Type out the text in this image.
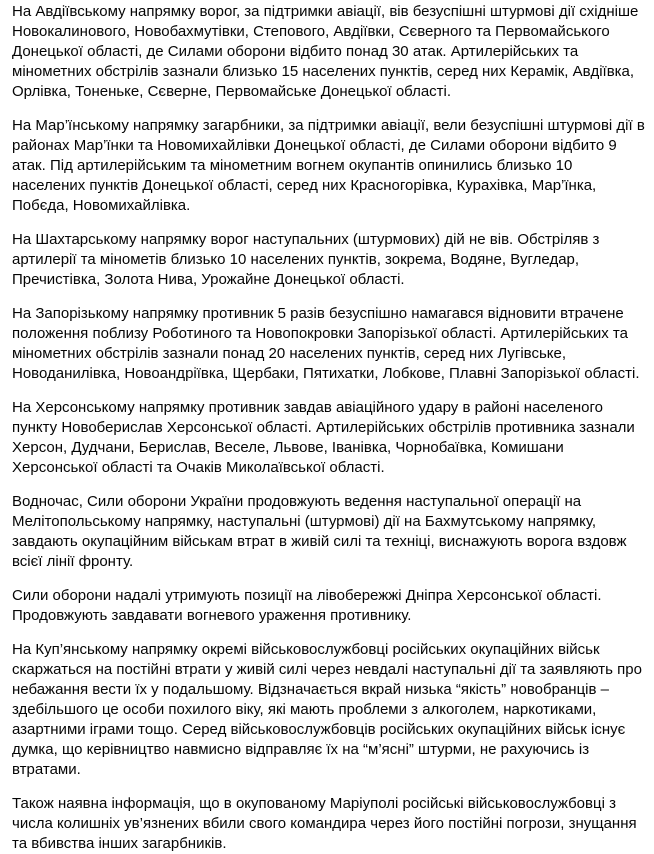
На Авдіївському напрямку ворог, за підтримки авіації, вів безуспішні штурмові дії східніше Новокалинового, Новобахмутівки, Степового, Авдіївки, Сєверного та Первомайського Донецької області, де Силами оборони відбито понад 30 атак. Артилерійських та мінометних обстрілів зазнали близько 15 населених пунктів, серед них Керамік, Авдіївка, Орлівка, Тоненьке, Сєверне, Первомайське Донецької області.

На Мар’їнському напрямку загарбники, за підтримки авіації, вели безуспішні штурмові дії в районах Мар’їнки та Новомихайлівки Донецької області, де Силами оборони відбито 9 атак. Під артилерійським та мінометним вогнем окупантів опинились близько 10 населених пунктів Донецької області, серед них Красногорівка, Курахівка, Мар’їнка, Побєда, Новомихайлівка.

На Шахтарському напрямку ворог наступальних (штурмових) дій не вів. Обстріляв з артилерії та мінометів близько 10 населених пунктів, зокрема, Водяне, Вугледар, Пречистівка, Золота Нива, Урожайне Донецької області.

На Запорізькому напрямку противник 5 разів безуспішно намагався відновити втрачене положення поблизу Роботиного та Новопокровки Запорізької області. Артилерійських та мінометних обстрілів зазнали понад 20 населених пунктів, серед них Лугівське, Новоданилівка, Новоандріївка, Щербаки, Пятихатки, Лобкове, Плавні Запорізької області.

На Херсонському напрямку противник завдав авіаційного удару в районі населеного пункту Новоберислав Херсонської області. Артилерійських обстрілів противника зазнали Херсон, Дудчани, Берислав, Веселе, Львове, Іванівка, Чорнобаївка, Комишани Херсонської області та Очаків Миколаївської області.

Водночас, Сили оборони України продовжують ведення наступальної операції на Мелітопольському напрямку, наступальні (штурмові) дії на Бахмутському напрямку, завдають окупаційним військам втрат в живій силі та техніці, виснажують ворога вздовж всієї лінії фронту.

Сили оборони надалі утримують позиції на лівобережжі Дніпра Херсонської області. Продовжують завдавати вогневого ураження противнику.

На Куп’янському напрямку окремі військовослужбовці російських окупаційних військ скаржаться на постійні втрати у живій силі через невдалі наступальні дії та заявляють про небажання вести їх у подальшому. Відзначається вкрай низька “якість” новобранців – здебільшого це особи похилого віку, які мають проблеми з алкоголем, наркотиками, азартними іграми тощо. Серед військовослужбовців російських окупаційних військ існує думка, що керівництво навмисно відправляє їх на “м’ясні” штурми, не рахуючись із втратами.

Також наявна інформація, що в окупованому Маріуполі російські військовослужбовці з числа колишніх ув’язнених вбили свого командира через його постійні погрози, знущання та вбивства інших загарбників.
